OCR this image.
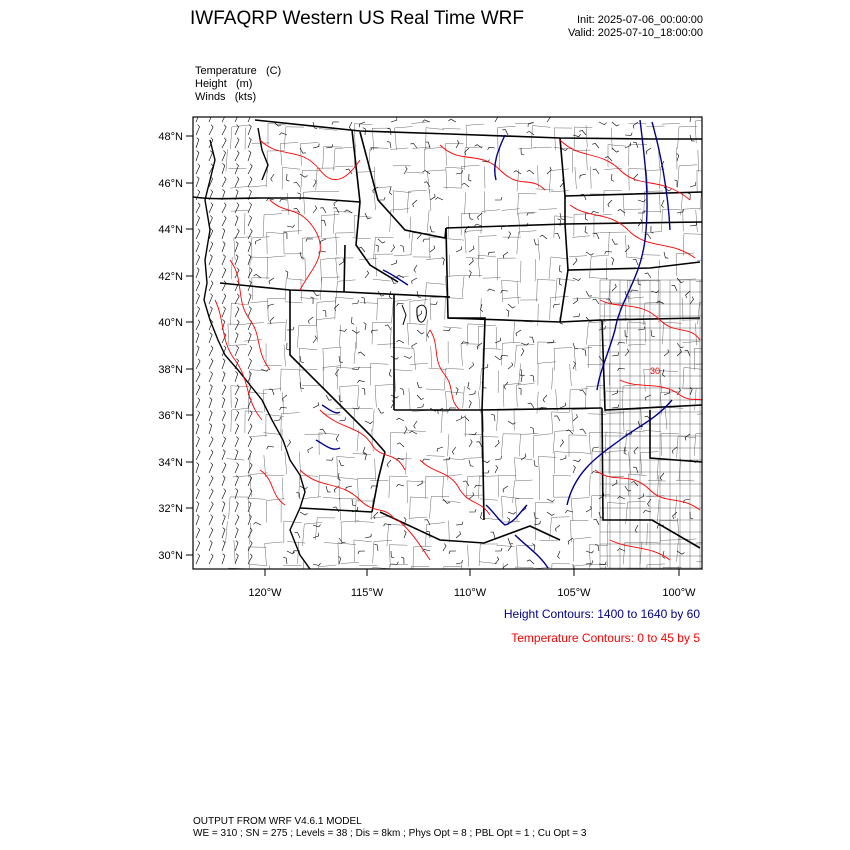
IWFAQRP Western US Real Time WRF	Init: 2025-07-06_00:00:00
Valid: 2025-07-10_18:00:00
Temperature (C)
Height (m)
Winds (kts)
48°N
46°N
44°N
42°N
40°N
38°N
36°N
34°N
32°N
30°N
120°W	115°W	110°W	105°W	100°W
30
Height Contours: 1400 to 1640 by 60
Temperature Contours: 0 to 45 by 5
OUTPUT FROM WRF V4.6.1 MODEL
WE = 310 ; SN = 275 ; Levels = 38 ; Dis = 8km ; Phys Opt = 8 ; PBL Opt = 1 ; Cu Opt = 3
